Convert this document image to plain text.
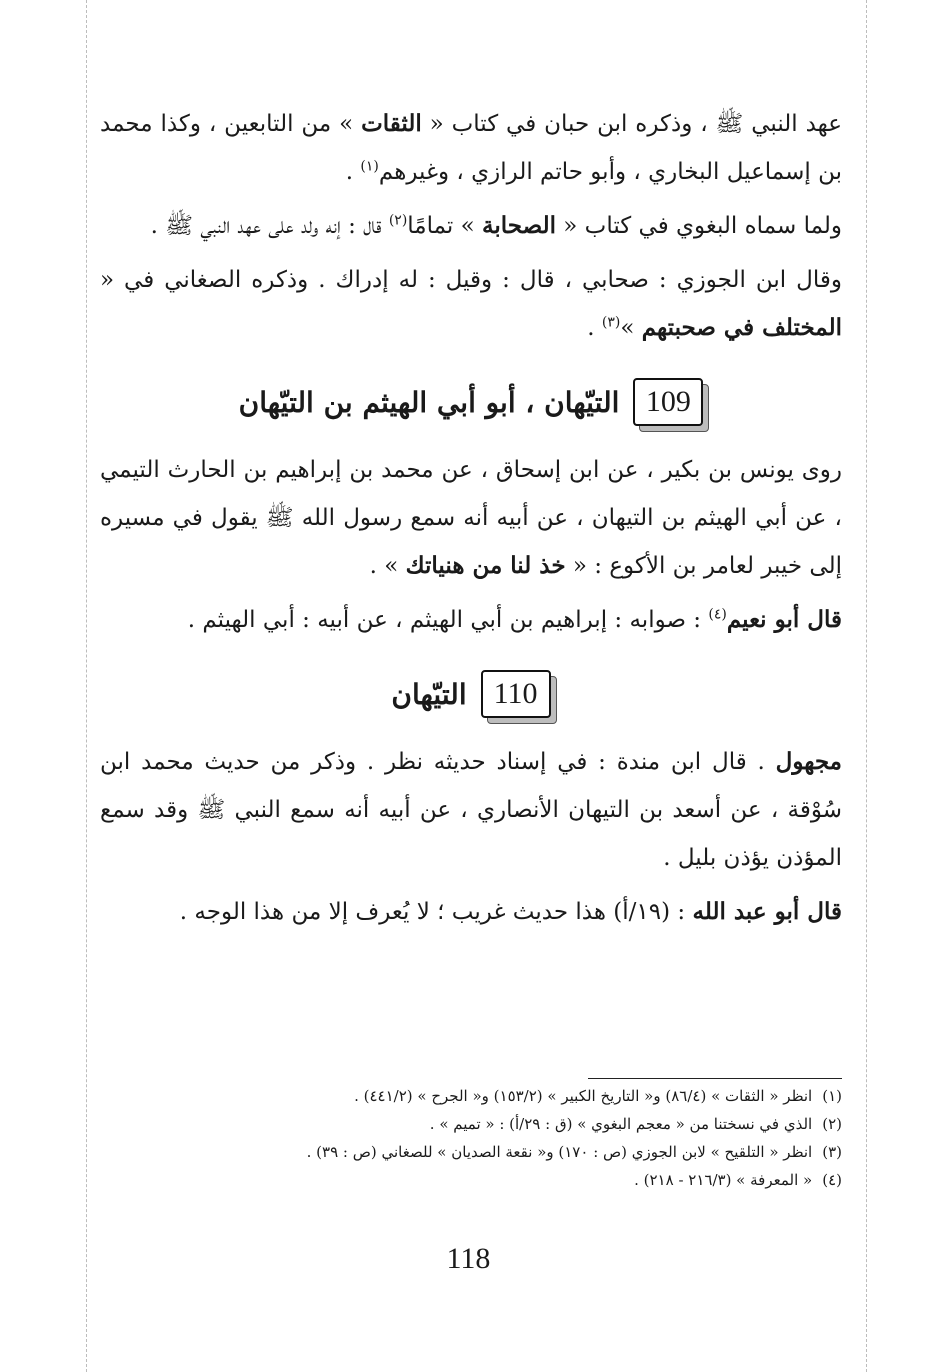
عهد النبي ﷺ ، وذكره ابن حبان في كتاب « الثقات » من التابعين ، وكذا محمد بن إسماعيل البخاري ، وأبو حاتم الرازي ، وغيرهم$^{(١)}$ .

ولما سماه البغوي في كتاب « الصحابة » تمامًا$^{(٢)}$ قال : إنه ولد على عهد النبي ﷺ .

وقال ابن الجوزي : صحابي ، قال : وقيل : له إدراك . وذكره الصغاني في « المختلف في صحبتهم »$^{(٣)}$ .

109
التيّهان ، أبو أبي الهيثم بن التيّهان

روى يونس بن بكير ، عن ابن إسحاق ، عن محمد بن إبراهيم بن الحارث التيمي ، عن أبي الهيثم بن التيهان ، عن أبيه أنه سمع رسول الله ﷺ يقول في مسيره إلى خيبر لعامر بن الأكوع : « خذ لنا من هنياتك » .

قال أبو نعيم$^{(٤)}$ : صوابه : إبراهيم بن أبي الهيثم ، عن أبيه : أبي الهيثم .

110
التيّهان

مجهول . قال ابن مندة : في إسناد حديثه نظر . وذكر من حديث محمد ابن سُوْقة ، عن أسعد بن التيهان الأنصاري ، عن أبيه أنه سمع النبي ﷺ وقد سمع المؤذن يؤذن بليل .

قال أبو عبد الله : (١٩/أ) هذا حديث غريب ؛ لا يُعرف إلا من هذا الوجه .

(١)انظر « الثقات » (٨٦/٤) و« التاريخ الكبير » (١٥٣/٢) و« الجرح » (٤٤١/٢) .

(٢)الذي في نسختنا من « معجم البغوي » (ق : ٢٩/أ) : « تميم » .

(٣)انظر « التلقيح » لابن الجوزي (ص : ١٧٠) و« نقعة الصديان » للصغاني (ص : ٣٩) .

(٤)« المعرفة » (٢١٦/٣ - ٢١٨) .

118
